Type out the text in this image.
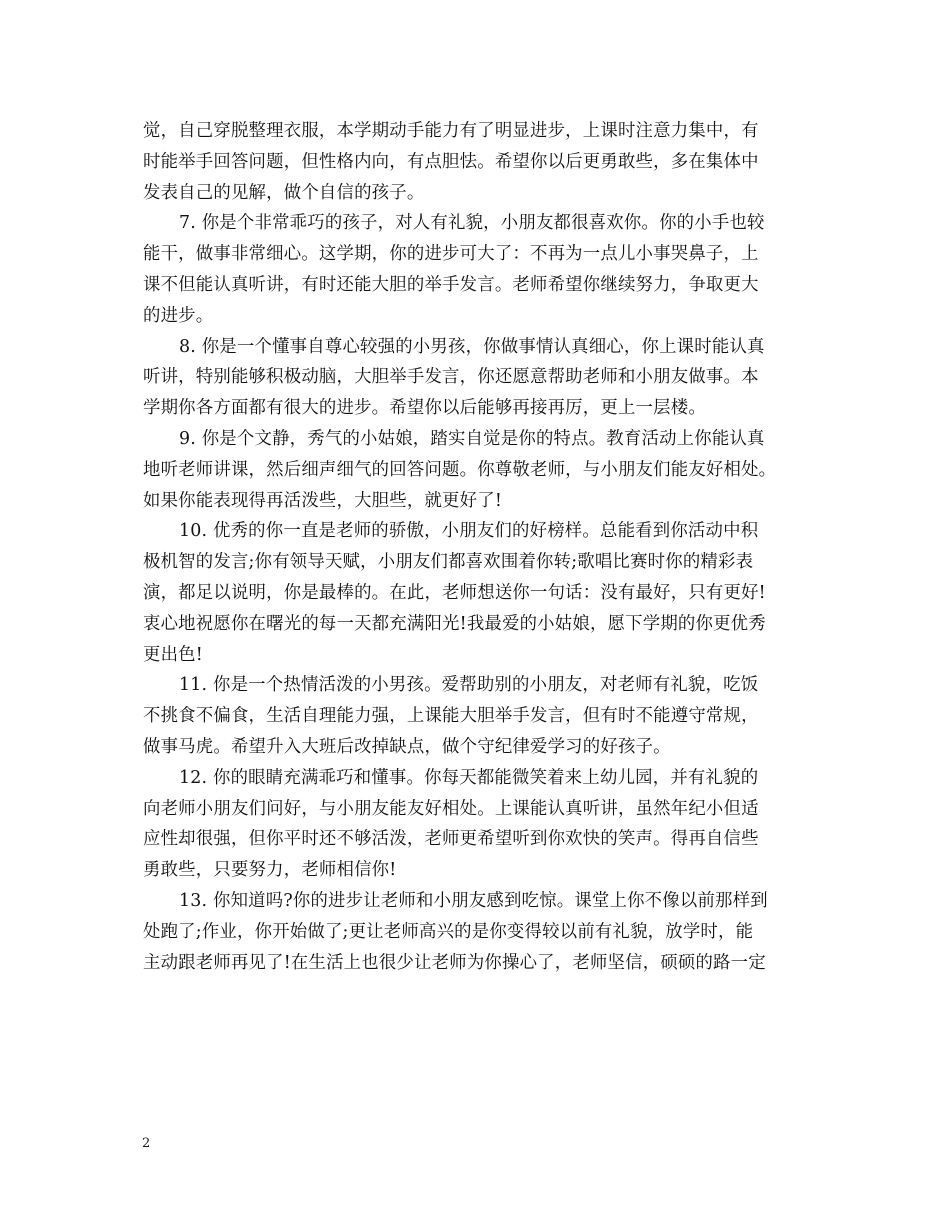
觉，自己穿脱整理衣服，本学期动手能力有了明显进步，上课时注意力集中，有
时能举手回答问题，但性格内向，有点胆怯。希望你以后更勇敢些，多在集体中
发表自己的见解，做个自信的孩子。
7. 你是个非常乖巧的孩子，对人有礼貌，小朋友都很喜欢你。你的小手也较
能干，做事非常细心。这学期，你的进步可大了：不再为一点儿小事哭鼻子，上
课不但能认真听讲，有时还能大胆的举手发言。老师希望你继续努力，争取更大
的进步。
8. 你是一个懂事自尊心较强的小男孩，你做事情认真细心，你上课时能认真
听讲，特别能够积极动脑，大胆举手发言，你还愿意帮助老师和小朋友做事。本
学期你各方面都有很大的进步。希望你以后能够再接再厉，更上一层楼。
9. 你是个文静，秀气的小姑娘，踏实自觉是你的特点。教育活动上你能认真
地听老师讲课，然后细声细气的回答问题。你尊敬老师，与小朋友们能友好相处。
如果你能表现得再活泼些，大胆些，就更好了!
10. 优秀的你一直是老师的骄傲，小朋友们的好榜样。总能看到你活动中积
极机智的发言;你有领导天赋，小朋友们都喜欢围着你转;歌唱比赛时你的精彩表
演，都足以说明，你是最棒的。在此，老师想送你一句话：没有最好，只有更好!
衷心地祝愿你在曙光的每一天都充满阳光!我最爱的小姑娘，愿下学期的你更优秀
更出色!
11. 你是一个热情活泼的小男孩。爱帮助别的小朋友，对老师有礼貌，吃饭
不挑食不偏食，生活自理能力强，上课能大胆举手发言，但有时不能遵守常规，
做事马虎。希望升入大班后改掉缺点，做个守纪律爱学习的好孩子。
12. 你的眼睛充满乖巧和懂事。你每天都能微笑着来上幼儿园，并有礼貌的
向老师小朋友们问好，与小朋友能友好相处。上课能认真听讲，虽然年纪小但适
应性却很强，但你平时还不够活泼，老师更希望听到你欢快的笑声。得再自信些
勇敢些，只要努力，老师相信你!
13. 你知道吗?你的进步让老师和小朋友感到吃惊。课堂上你不像以前那样到
处跑了;作业，你开始做了;更让老师高兴的是你变得较以前有礼貌，放学时，能
主动跟老师再见了!在生活上也很少让老师为你操心了，老师坚信，硕硕的路一定
2
